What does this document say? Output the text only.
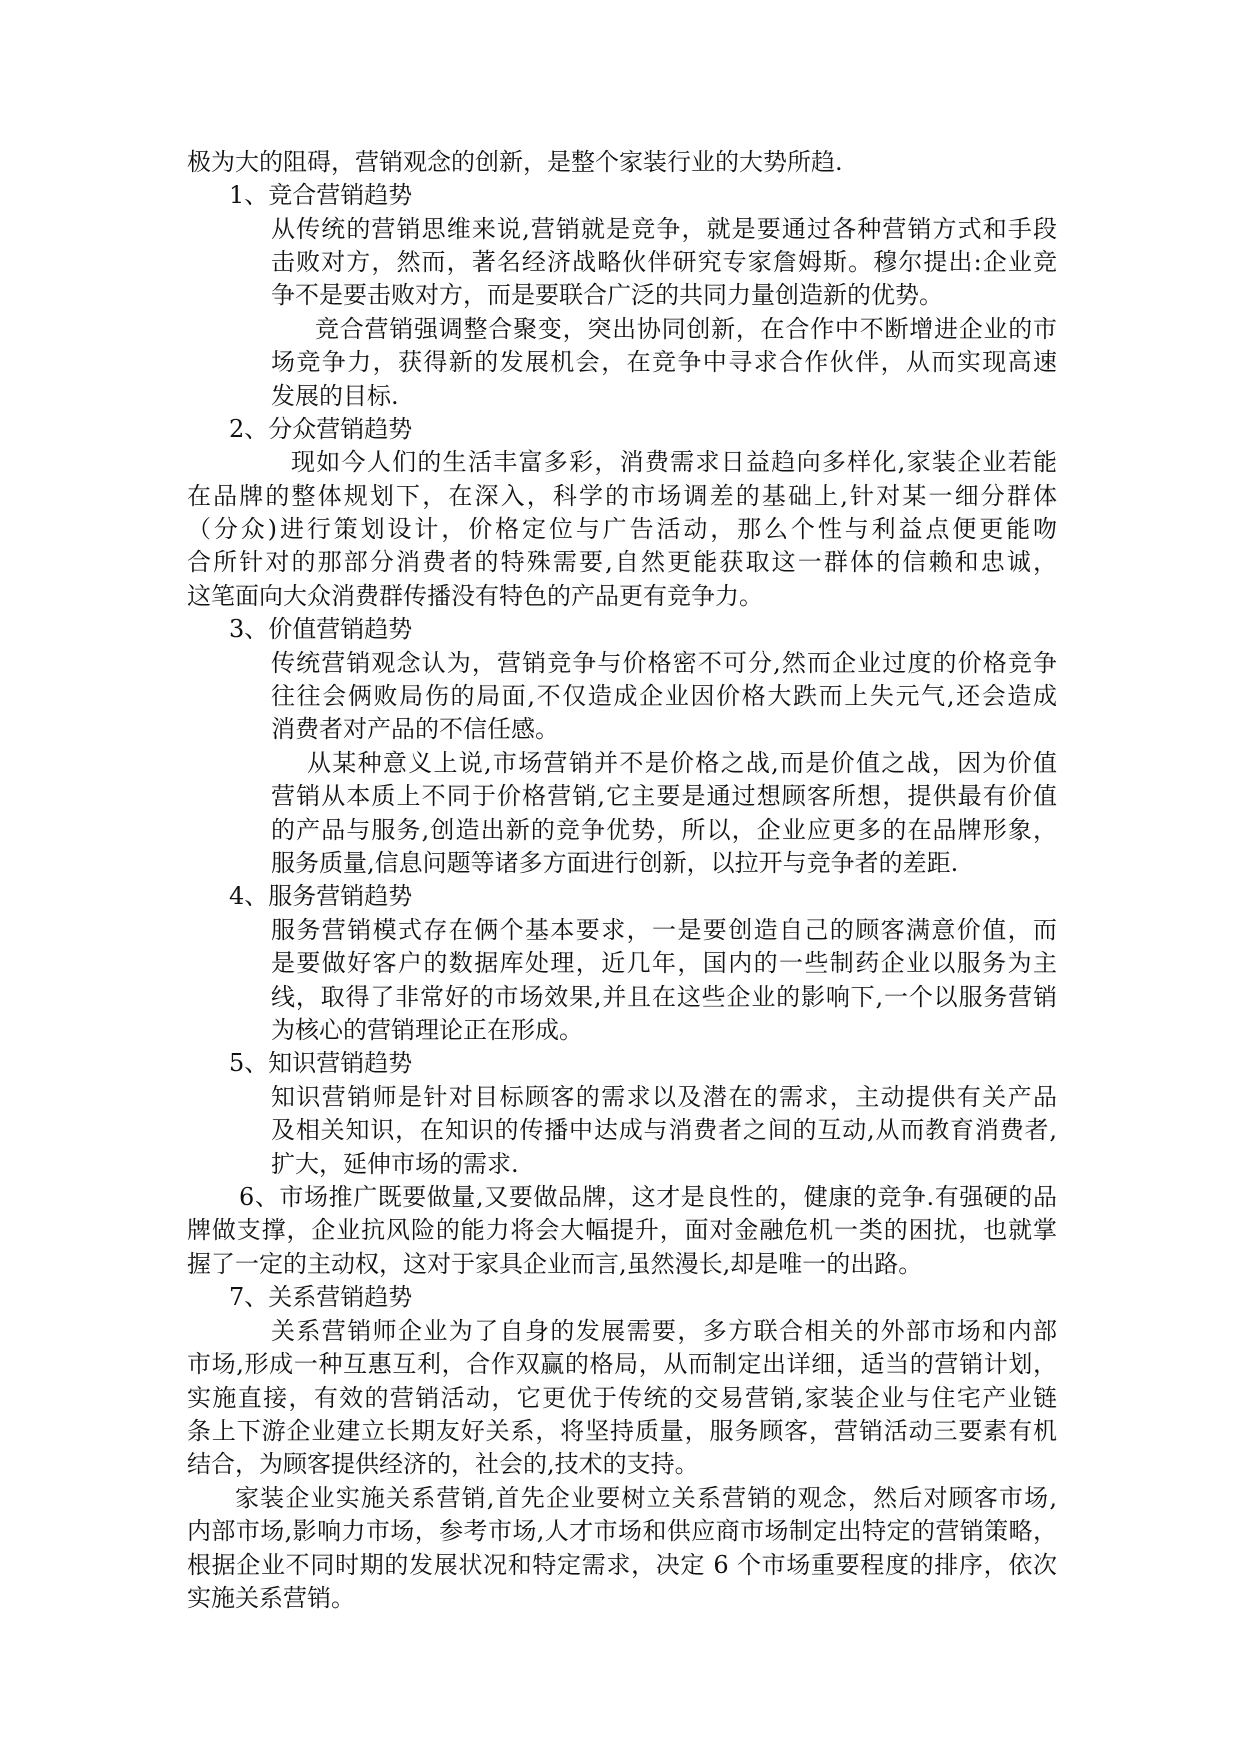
极为大的阻碍，营销观念的创新，是整个家装行业的大势所趋.
1、竞合营销趋势
从传统的营销思维来说,营销就是竞争，就是要通过各种营销方式和手段
击败对方，然而，著名经济战略伙伴研究专家詹姆斯。穆尔提出:企业竞
争不是要击败对方，而是要联合广泛的共同力量创造新的优势。
竞合营销强调整合聚变，突出协同创新，在合作中不断增进企业的市
场竞争力，获得新的发展机会，在竞争中寻求合作伙伴，从而实现高速
发展的目标.
2、分众营销趋势
现如今人们的生活丰富多彩，消费需求日益趋向多样化,家装企业若能
在品牌的整体规划下，在深入，科学的市场调差的基础上,针对某一细分群体
（分众)进行策划设计，价格定位与广告活动，那么个性与利益点便更能吻
合所针对的那部分消费者的特殊需要,自然更能获取这一群体的信赖和忠诚，
这笔面向大众消费群传播没有特色的产品更有竞争力。
3、价值营销趋势
传统营销观念认为，营销竞争与价格密不可分,然而企业过度的价格竞争
往往会俩败局伤的局面,不仅造成企业因价格大跌而上失元气,还会造成
消费者对产品的不信任感。
从某种意义上说,市场营销并不是价格之战,而是价值之战，因为价值
营销从本质上不同于价格营销,它主要是通过想顾客所想，提供最有价值
的产品与服务,创造出新的竞争优势，所以，企业应更多的在品牌形象，
服务质量,信息问题等诸多方面进行创新，以拉开与竞争者的差距.
4、服务营销趋势
服务营销模式存在俩个基本要求，一是要创造自己的顾客满意价值，而
是要做好客户的数据库处理，近几年，国内的一些制药企业以服务为主
线，取得了非常好的市场效果,并且在这些企业的影响下,一个以服务营销
为核心的营销理论正在形成。
5、知识营销趋势
知识营销师是针对目标顾客的需求以及潜在的需求，主动提供有关产品
及相关知识，在知识的传播中达成与消费者之间的互动,从而教育消费者,
扩大，延伸市场的需求.
6、市场推广既要做量,又要做品牌，这才是良性的，健康的竞争.有强硬的品
牌做支撑，企业抗风险的能力将会大幅提升，面对金融危机一类的困扰，也就掌
握了一定的主动权，这对于家具企业而言,虽然漫长,却是唯一的出路。
7、关系营销趋势
关系营销师企业为了自身的发展需要，多方联合相关的外部市场和内部
市场,形成一种互惠互利，合作双赢的格局，从而制定出详细，适当的营销计划，
实施直接，有效的营销活动，它更优于传统的交易营销,家装企业与住宅产业链
条上下游企业建立长期友好关系，将坚持质量，服务顾客，营销活动三要素有机
结合，为顾客提供经济的，社会的,技术的支持。
家装企业实施关系营销,首先企业要树立关系营销的观念，然后对顾客市场,
内部市场,影响力市场，参考市场,人才市场和供应商市场制定出特定的营销策略，
根据企业不同时期的发展状况和特定需求，决定 6 个市场重要程度的排序，依次
实施关系营销。
